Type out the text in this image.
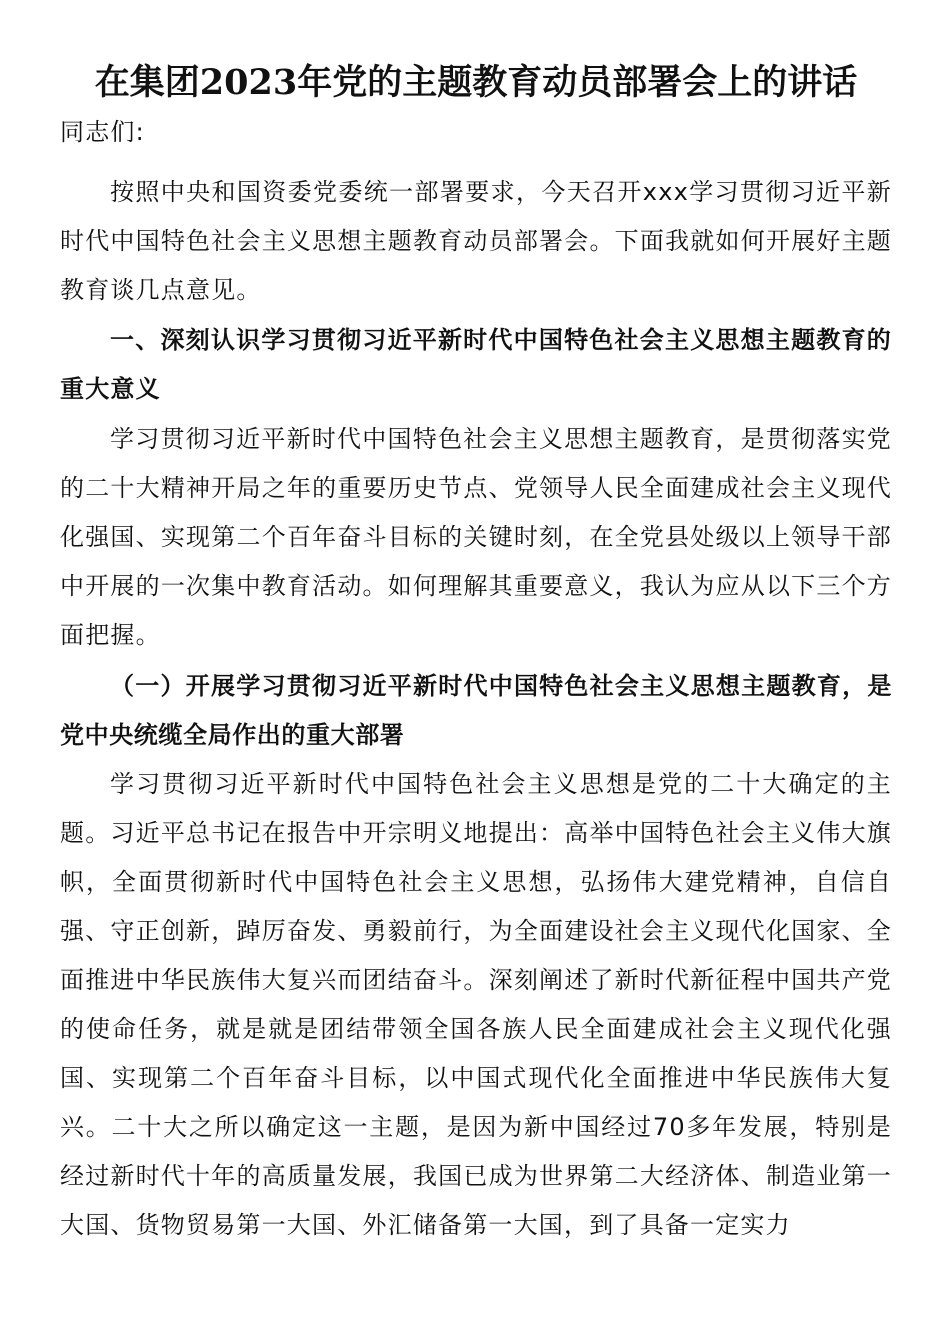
在集团2023年党的主题教育动员部署会上的讲话

同志们:

按照中央和国资委党委统一部署要求，今天召开xxx学习贯彻习近平新时代中国特色社会主义思想主题教育动员部署会。下面我就如何开展好主题教育谈几点意见。

一、深刻认识学习贯彻习近平新时代中国特色社会主义思想主题教育的重大意义

学习贯彻习近平新时代中国特色社会主义思想主题教育，是贯彻落实党的二十大精神开局之年的重要历史节点、党领导人民全面建成社会主义现代化强国、实现第二个百年奋斗目标的关键时刻，在全党县处级以上领导干部中开展的一次集中教育活动。如何理解其重要意义，我认为应从以下三个方面把握。

（一）开展学习贯彻习近平新时代中国特色社会主义思想主题教育，是党中央统缆全局作出的重大部署

学习贯彻习近平新时代中国特色社会主义思想是党的二十大确定的主题。习近平总书记在报告中开宗明义地提出：高举中国特色社会主义伟大旗帜，全面贯彻新时代中国特色社会主义思想，弘扬伟大建党精神，自信自强、守正创新，踔厉奋发、勇毅前行，为全面建设社会主义现代化国家、全面推进中华民族伟大复兴而团结奋斗。深刻阐述了新时代新征程中国共产党的使命任务，就是就是团结带领全国各族人民全面建成社会主义现代化强国、实现第二个百年奋斗目标，以中国式现代化全面推进中华民族伟大复兴。二十大之所以确定这一主题，是因为新中国经过70多年发展，特别是经过新时代十年的高质量发展，我国已成为世界第二大经济体、制造业第一大国、货物贸易第一大国、外汇储备第一大国，到了具备一定实力
